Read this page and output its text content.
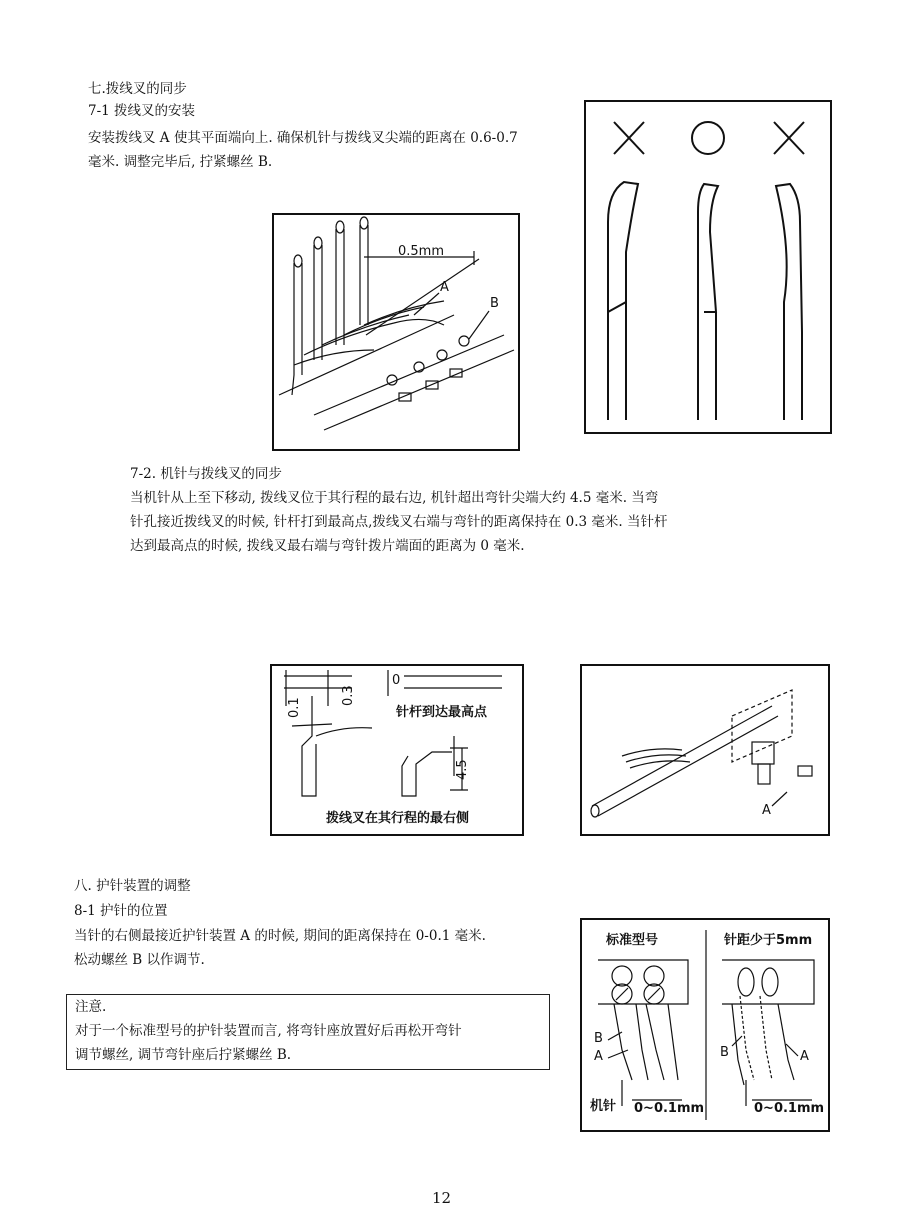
七.拨线叉的同步
7-1 拨线叉的安装
安装拨线叉 A 使其平面端向上. 确保机针与拨线叉尖端的距离在 0.6-0.7
毫米. 调整完毕后, 拧紧螺丝 B.
0.5mm
A
B
7-2. 机针与拨线叉的同步
当机针从上至下移动, 拨线叉位于其行程的最右边, 机针超出弯针尖端大约 4.5 毫米. 当弯
针孔接近拨线叉的时候, 针杆打到最高点,拨线叉右端与弯针的距离保持在 0.3 毫米. 当针杆
达到最高点的时候, 拨线叉最右端与弯针拨片端面的距离为 0 毫米.
0.1
0.3
0
4.5
针杆到达最高点
拨线叉在其行程的最右侧
A
八. 护针装置的调整
8-1 护针的位置
当针的右侧最接近护针装置 A 的时候, 期间的距离保持在 0-0.1 毫米.
松动螺丝 B 以作调节.
注意.
对于一个标准型号的护针装置而言, 将弯针座放置好后再松开弯针
调节螺丝, 调节弯针座后拧紧螺丝 B.
标准型号	针距少于5mm
B
A	B	A
机针 0~0.1mm	0~0.1mm
12
